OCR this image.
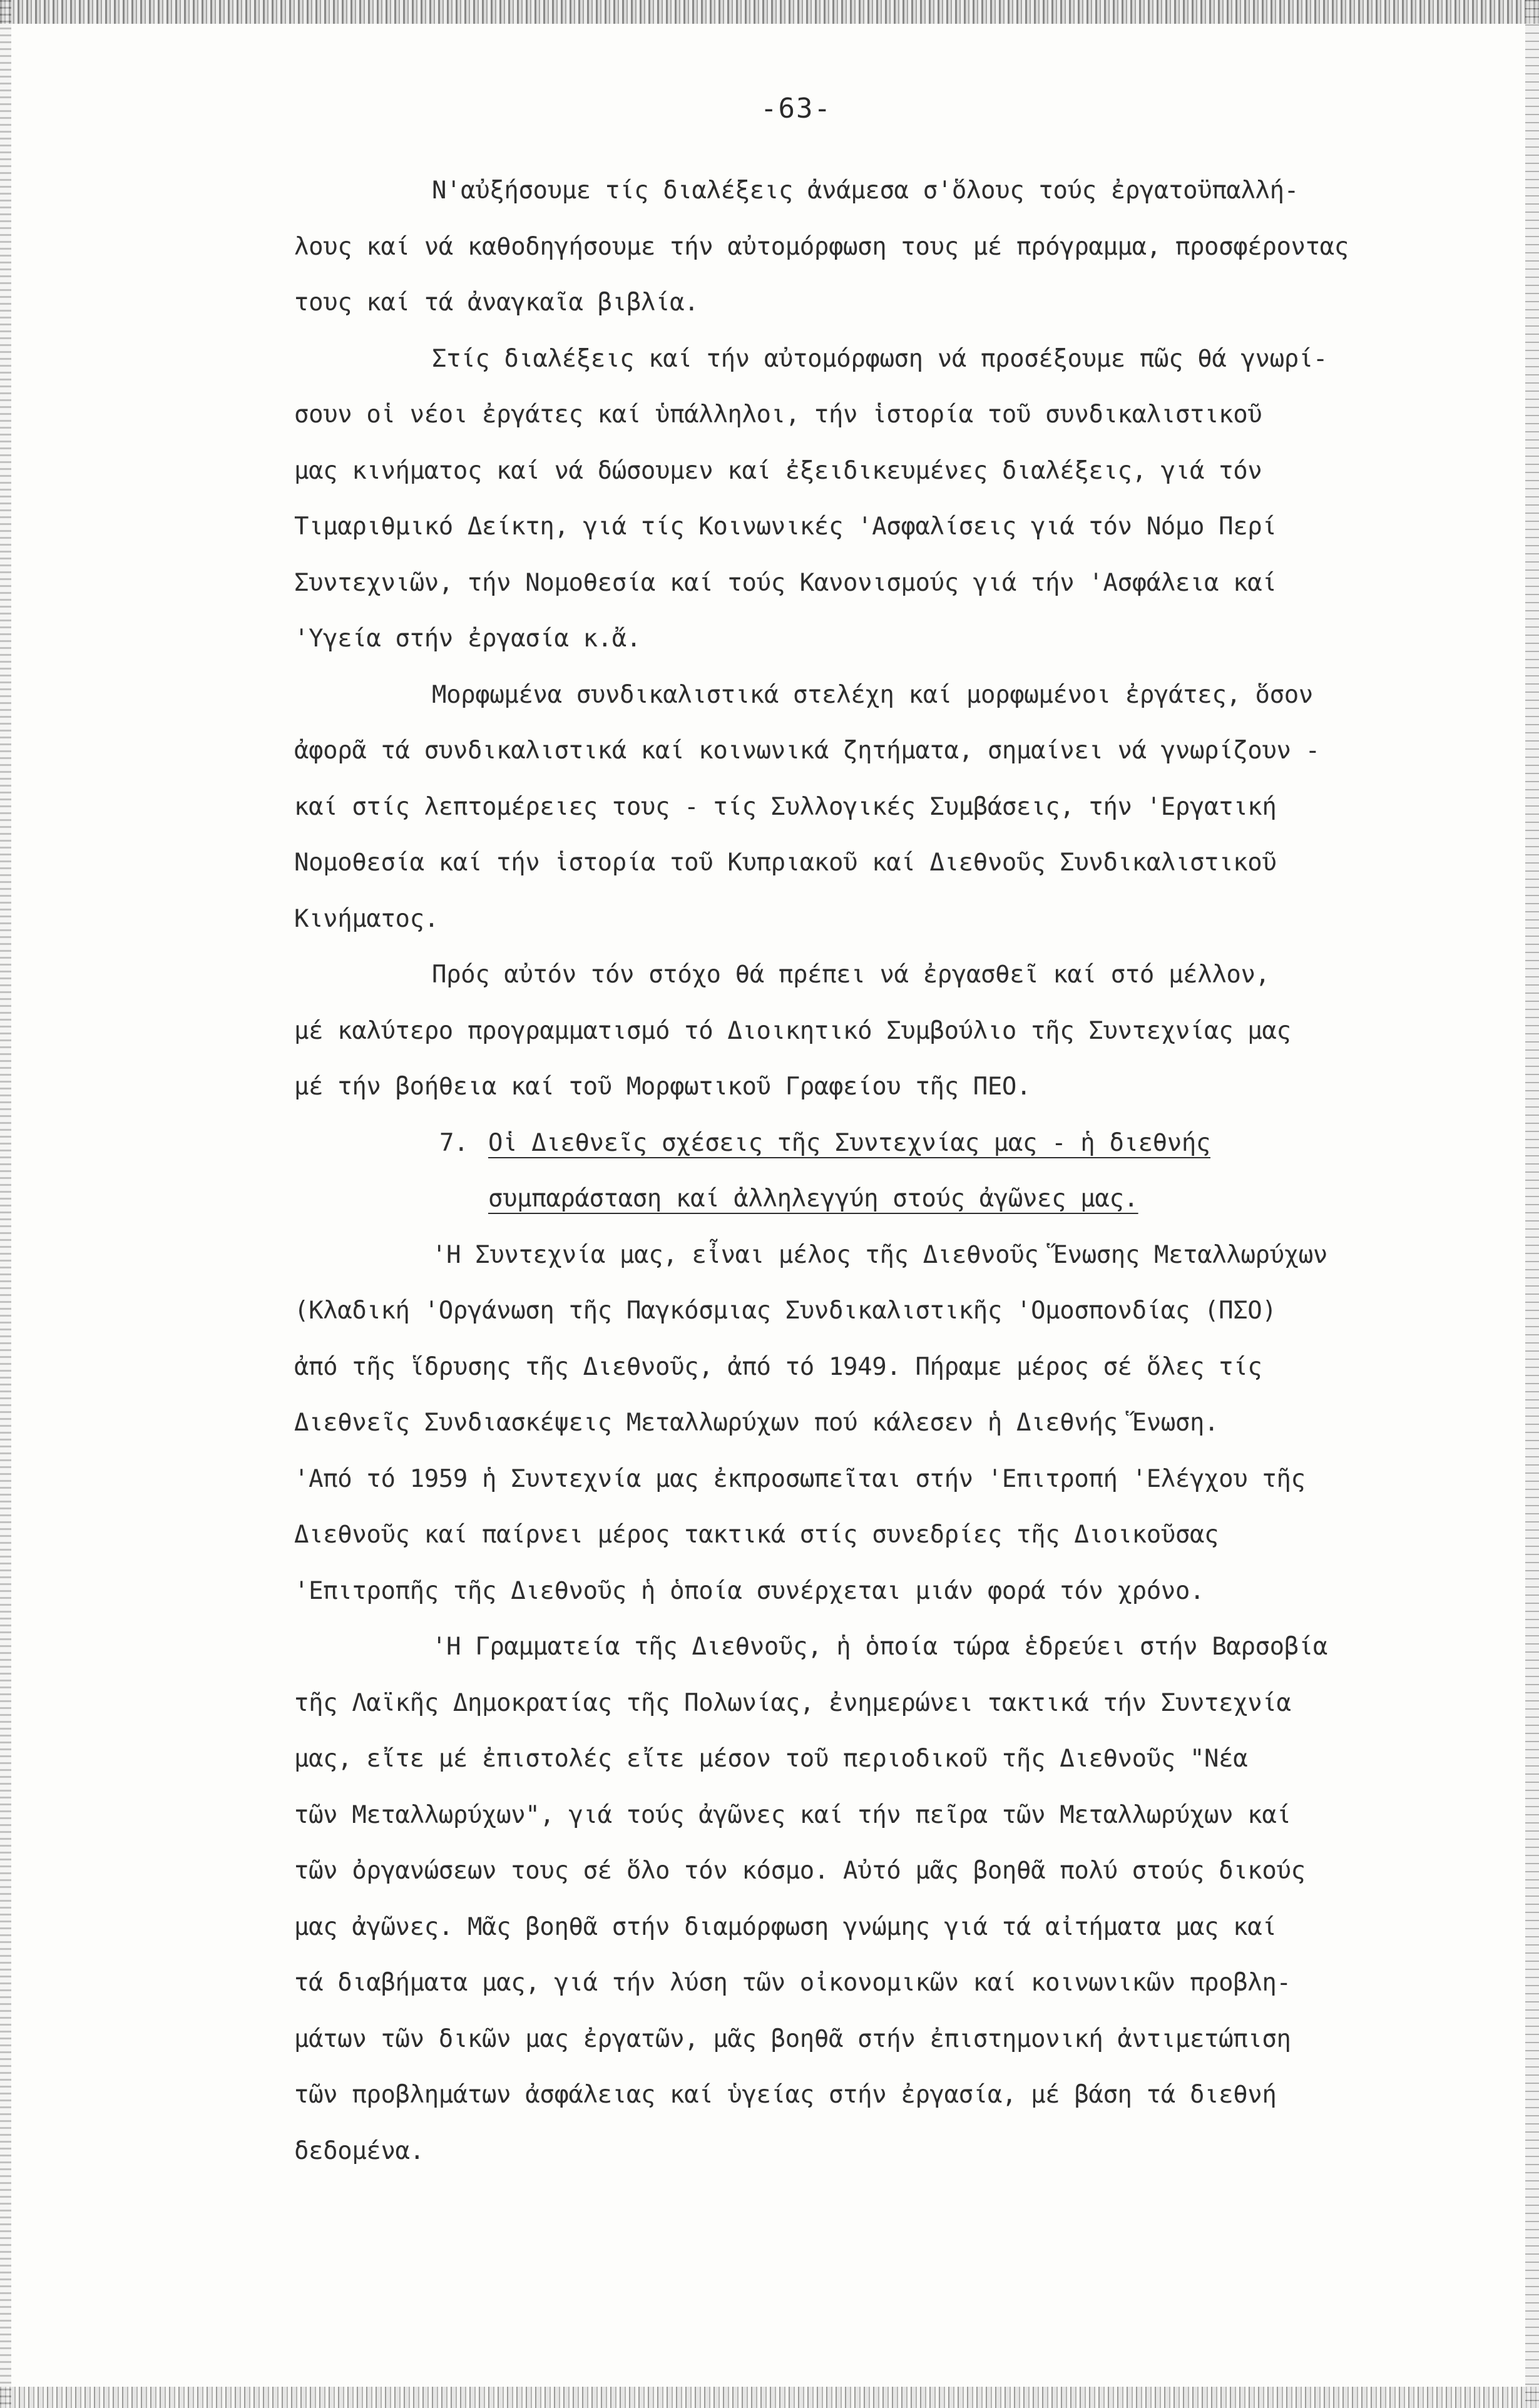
-63-
Ν'αὐξήσουμε τίς διαλέξεις ἀνάμεσα σ'ὅλους τούς ἐργατοϋπαλλή-
λους καί νά καθοδηγήσουμε τήν αὐτομόρφωση τους μέ πρόγραμμα, προσφέροντας
τους καί τά ἀναγκαῖα βιβλία.
Στίς διαλέξεις καί τήν αὐτομόρφωση νά προσέξουμε πῶς θά γνωρί-
σουν οἱ νέοι ἐργάτες καί ὑπάλληλοι, τήν ἱστορία τοῦ συνδικαλιστικοῦ
μας κινήματος καί νά δώσουμεν καί ἐξειδικευμένες διαλέξεις, γιά τόν
Τιμαριθμικό Δείκτη, γιά τίς Κοινωνικές 'Ασφαλίσεις γιά τόν Νόμο Περί
Συντεχνιῶν, τήν Νομοθεσία καί τούς Κανονισμούς γιά τήν 'Ασφάλεια καί
'Υγεία στήν ἐργασία κ.ἄ.
Μορφωμένα συνδικαλιστικά στελέχη καί μορφωμένοι ἐργάτες, ὅσον
ἀφορᾶ τά συνδικαλιστικά καί κοινωνικά ζητήματα, σημαίνει νά γνωρίζουν -
καί στίς λεπτομέρειες τους - τίς Συλλογικές Συμβάσεις, τήν 'Εργατική
Νομοθεσία καί τήν ἱστορία τοῦ Κυπριακοῦ καί Διεθνοῦς Συνδικαλιστικοῦ
Κινήματος.
Πρός αὐτόν τόν στόχο θά πρέπει νά ἐργασθεῖ καί στό μέλλον,
μέ καλύτερο προγραμματισμό τό Διοικητικό Συμβούλιο τῆς Συντεχνίας μας
μέ τήν βοήθεια καί τοῦ Μορφωτικοῦ Γραφείου τῆς ΠΕΟ.
7. Οἱ Διεθνεῖς σχέσεις τῆς Συντεχνίας μας - ἡ διεθνής
συμπαράσταση καί ἀλληλεγγύη στούς ἀγῶνες μας.
'Η Συντεχνία μας, εἶναι μέλος τῆς Διεθνοῦς Ἕνωσης Μεταλλωρύχων
(Κλαδική 'Οργάνωση τῆς Παγκόσμιας Συνδικαλιστικῆς 'Ομοσπονδίας (ΠΣΟ)
ἀπό τῆς ἵδρυσης τῆς Διεθνοῦς, ἀπό τό 1949. Πήραμε μέρος σέ ὅλες τίς
Διεθνεῖς Συνδιασκέψεις Μεταλλωρύχων πού κάλεσεν ἡ Διεθνής Ἕνωση.
'Από τό 1959 ἡ Συντεχνία μας ἐκπροσωπεῖται στήν 'Επιτροπή 'Ελέγχου τῆς
Διεθνοῦς καί παίρνει μέρος τακτικά στίς συνεδρίες τῆς Διοικοῦσας
'Επιτροπῆς τῆς Διεθνοῦς ἡ ὁποία συνέρχεται μιάν φορά τόν χρόνο.
'Η Γραμματεία τῆς Διεθνοῦς, ἡ ὁποία τώρα ἑδρεύει στήν Βαρσοβία
τῆς Λαϊκῆς Δημοκρατίας τῆς Πολωνίας, ἐνημερώνει τακτικά τήν Συντεχνία
μας, εἴτε μέ ἐπιστολές εἴτε μέσον τοῦ περιοδικοῦ τῆς Διεθνοῦς "Νέα
τῶν Μεταλλωρύχων", γιά τούς ἀγῶνες καί τήν πεῖρα τῶν Μεταλλωρύχων καί
τῶν ὀργανώσεων τους σέ ὅλο τόν κόσμο. Αὐτό μᾶς βοηθᾶ πολύ στούς δικούς
μας ἀγῶνες. Μᾶς βοηθᾶ στήν διαμόρφωση γνώμης γιά τά αἰτήματα μας καί
τά διαβήματα μας, γιά τήν λύση τῶν οἰκονομικῶν καί κοινωνικῶν προβλη-
μάτων τῶν δικῶν μας ἐργατῶν, μᾶς βοηθᾶ στήν ἐπιστημονική ἀντιμετώπιση
τῶν προβλημάτων ἀσφάλειας καί ὑγείας στήν ἐργασία, μέ βάση τά διεθνή
δεδομένα.
